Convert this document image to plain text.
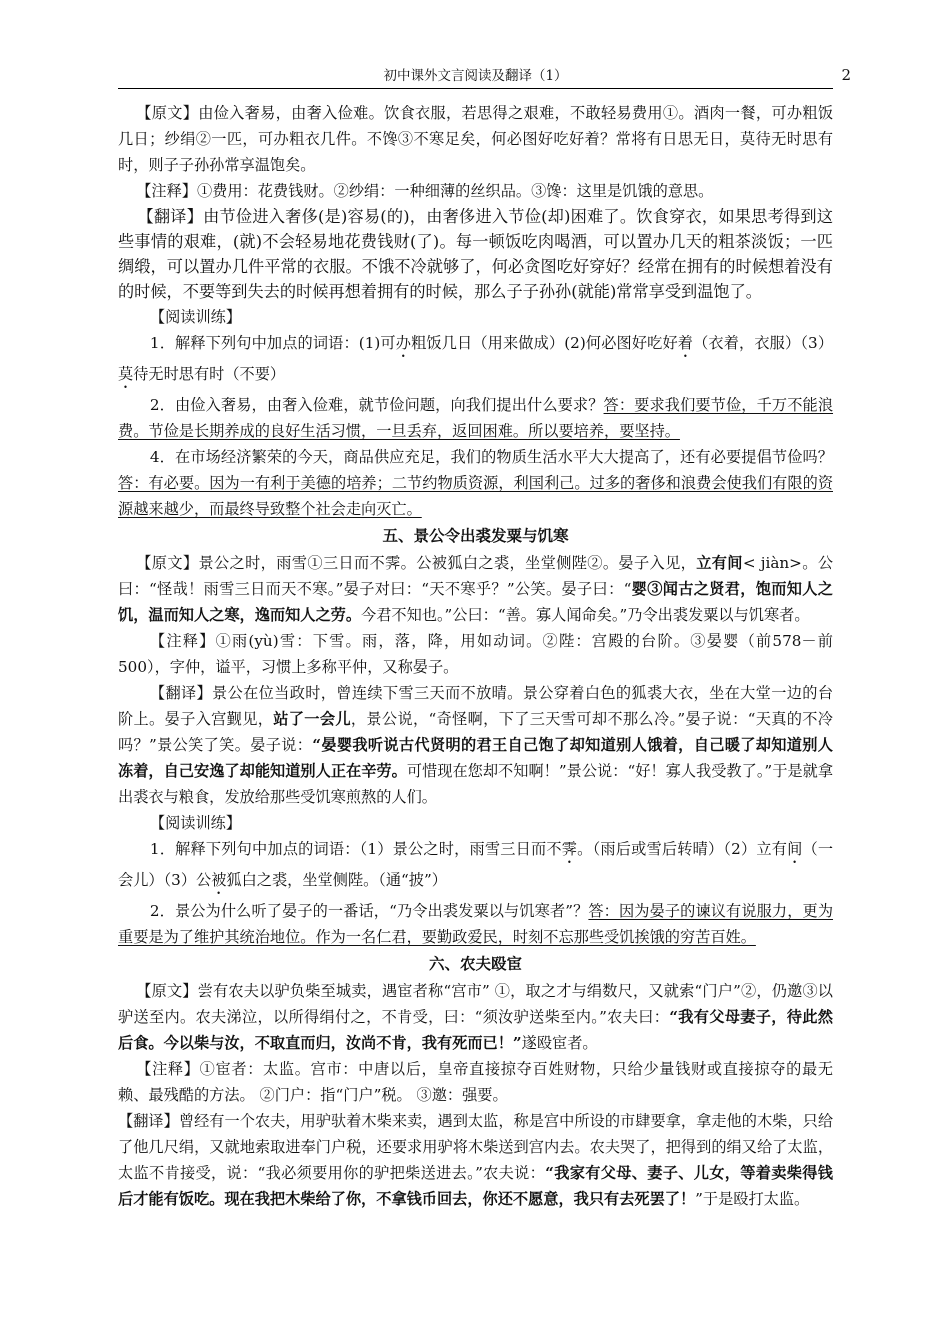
初中课外文言阅读及翻译（1）	2

【原文】由俭入奢易，由奢入俭难。饮食衣服，若思得之艰难，不敢轻易费用①。酒肉一餐，可办粗饭几日；纱绢②一匹，可办粗衣几件。不馋③不寒足矣，何必图好吃好着？常将有日思无日，莫待无时思有时，则子子孙孙常享温饱矣。

【注释】①费用：花费钱财。②纱绢：一种细薄的丝织品。③馋：这里是饥饿的意思。

【翻译】由节俭进入奢侈(是)容易(的)，由奢侈进入节俭(却)困难了。饮食穿衣，如果思考得到这些事情的艰难，(就)不会轻易地花费钱财(了)。每一顿饭吃肉喝酒，可以置办几天的粗茶淡饭；一匹绸缎，可以置办几件平常的衣服。不饿不冷就够了，何必贪图吃好穿好？经常在拥有的时候想着没有的时候，不要等到失去的时候再想着拥有的时候，那么子子孙孙(就能)常常享受到温饱了。

【阅读训练】

1．解释下列句中加点的词语：(1)可办粗饭几日（用来做成）(2)何必图好吃好着（衣着，衣服）（3）莫待无时思有时（不要）

2．由俭入奢易，由奢入俭难，就节俭问题，向我们提出什么要求？答：要求我们要节俭，千万不能浪费。节俭是长期养成的良好生活习惯，一旦丢弃，返回困难。所以要培养，要坚持。

4．在市场经济繁荣的今天，商品供应充足，我们的物质生活水平大大提高了，还有必要提倡节俭吗？答：有必要。因为一有利于美德的培养；二节约物质资源，利国利己。过多的奢侈和浪费会使我们有限的资源越来越少，而最终导致整个社会走向灭亡。

五、景公令出裘发粟与饥寒

【原文】景公之时，雨雪①三日而不霁。公被狐白之裘，坐堂侧陛②。晏子入见，立有间< jiàn>。公曰：“怪哉！雨雪三日而天不寒。”晏子对曰：“天不寒乎？”公笑。晏子曰：“婴③闻古之贤君，饱而知人之饥，温而知人之寒，逸而知人之劳。今君不知也。”公曰：“善。寡人闻命矣。”乃令出裘发粟以与饥寒者。

【注释】①雨(yù)雪：下雪。雨，落，降，用如动词。②陛：宫殿的台阶。③晏婴（前578－前500），字仲，谥平，习惯上多称平仲，又称晏子。

【翻译】景公在位当政时，曾连续下雪三天而不放晴。景公穿着白色的狐裘大衣，坐在大堂一边的台阶上。晏子入宫觐见，站了一会儿，景公说，“奇怪啊，下了三天雪可却不那么冷。”晏子说：“天真的不冷吗？”景公笑了笑。晏子说：“晏婴我听说古代贤明的君王自己饱了却知道别人饿着，自己暖了却知道别人冻着，自己安逸了却能知道别人正在辛劳。可惜现在您却不知啊！”景公说：“好！寡人我受教了。”于是就拿出裘衣与粮食，发放给那些受饥寒煎熬的人们。

【阅读训练】

1．解释下列句中加点的词语：（1）景公之时，雨雪三日而不霁。（雨后或雪后转晴）（2）立有间（一会儿）（3）公被狐白之裘，坐堂侧陛。（通“披”）

2．景公为什么听了晏子的一番话，“乃令出裘发粟以与饥寒者”？答：因为晏子的谏议有说服力，更为重要是为了维护其统治地位。作为一名仁君，要勤政爱民，时刻不忘那些受饥挨饿的穷苦百姓。

六、农夫殴宦

【原文】尝有农夫以驴负柴至城卖，遇宦者称“宫市” ①，取之才与绢数尺，又就索“门户”②，仍邀③以驴送至内。农夫涕泣，以所得绢付之，不肯受，曰：“须汝驴送柴至内。”农夫曰：“我有父母妻子，待此然后食。今以柴与汝，不取直而归，汝尚不肯，我有死而已！”遂殴宦者。

【注释】①宦者：太监。宫市：中唐以后，皇帝直接掠夺百姓财物，只给少量钱财或直接掠夺的最无赖、最残酷的方法。 ②门户：指“门户”税。 ③邀：强要。

【翻译】曾经有一个农夫，用驴驮着木柴来卖，遇到太监，称是宫中所设的市肆要拿，拿走他的木柴，只给了他几尺绢，又就地索取进奉门户税，还要求用驴将木柴送到宫内去。农夫哭了，把得到的绢又给了太监，太监不肯接受，说：“我必须要用你的驴把柴送进去。”农夫说：“我家有父母、妻子、儿女，等着卖柴得钱后才能有饭吃。现在我把木柴给了你，不拿钱币回去，你还不愿意，我只有去死罢了！”于是殴打太监。
